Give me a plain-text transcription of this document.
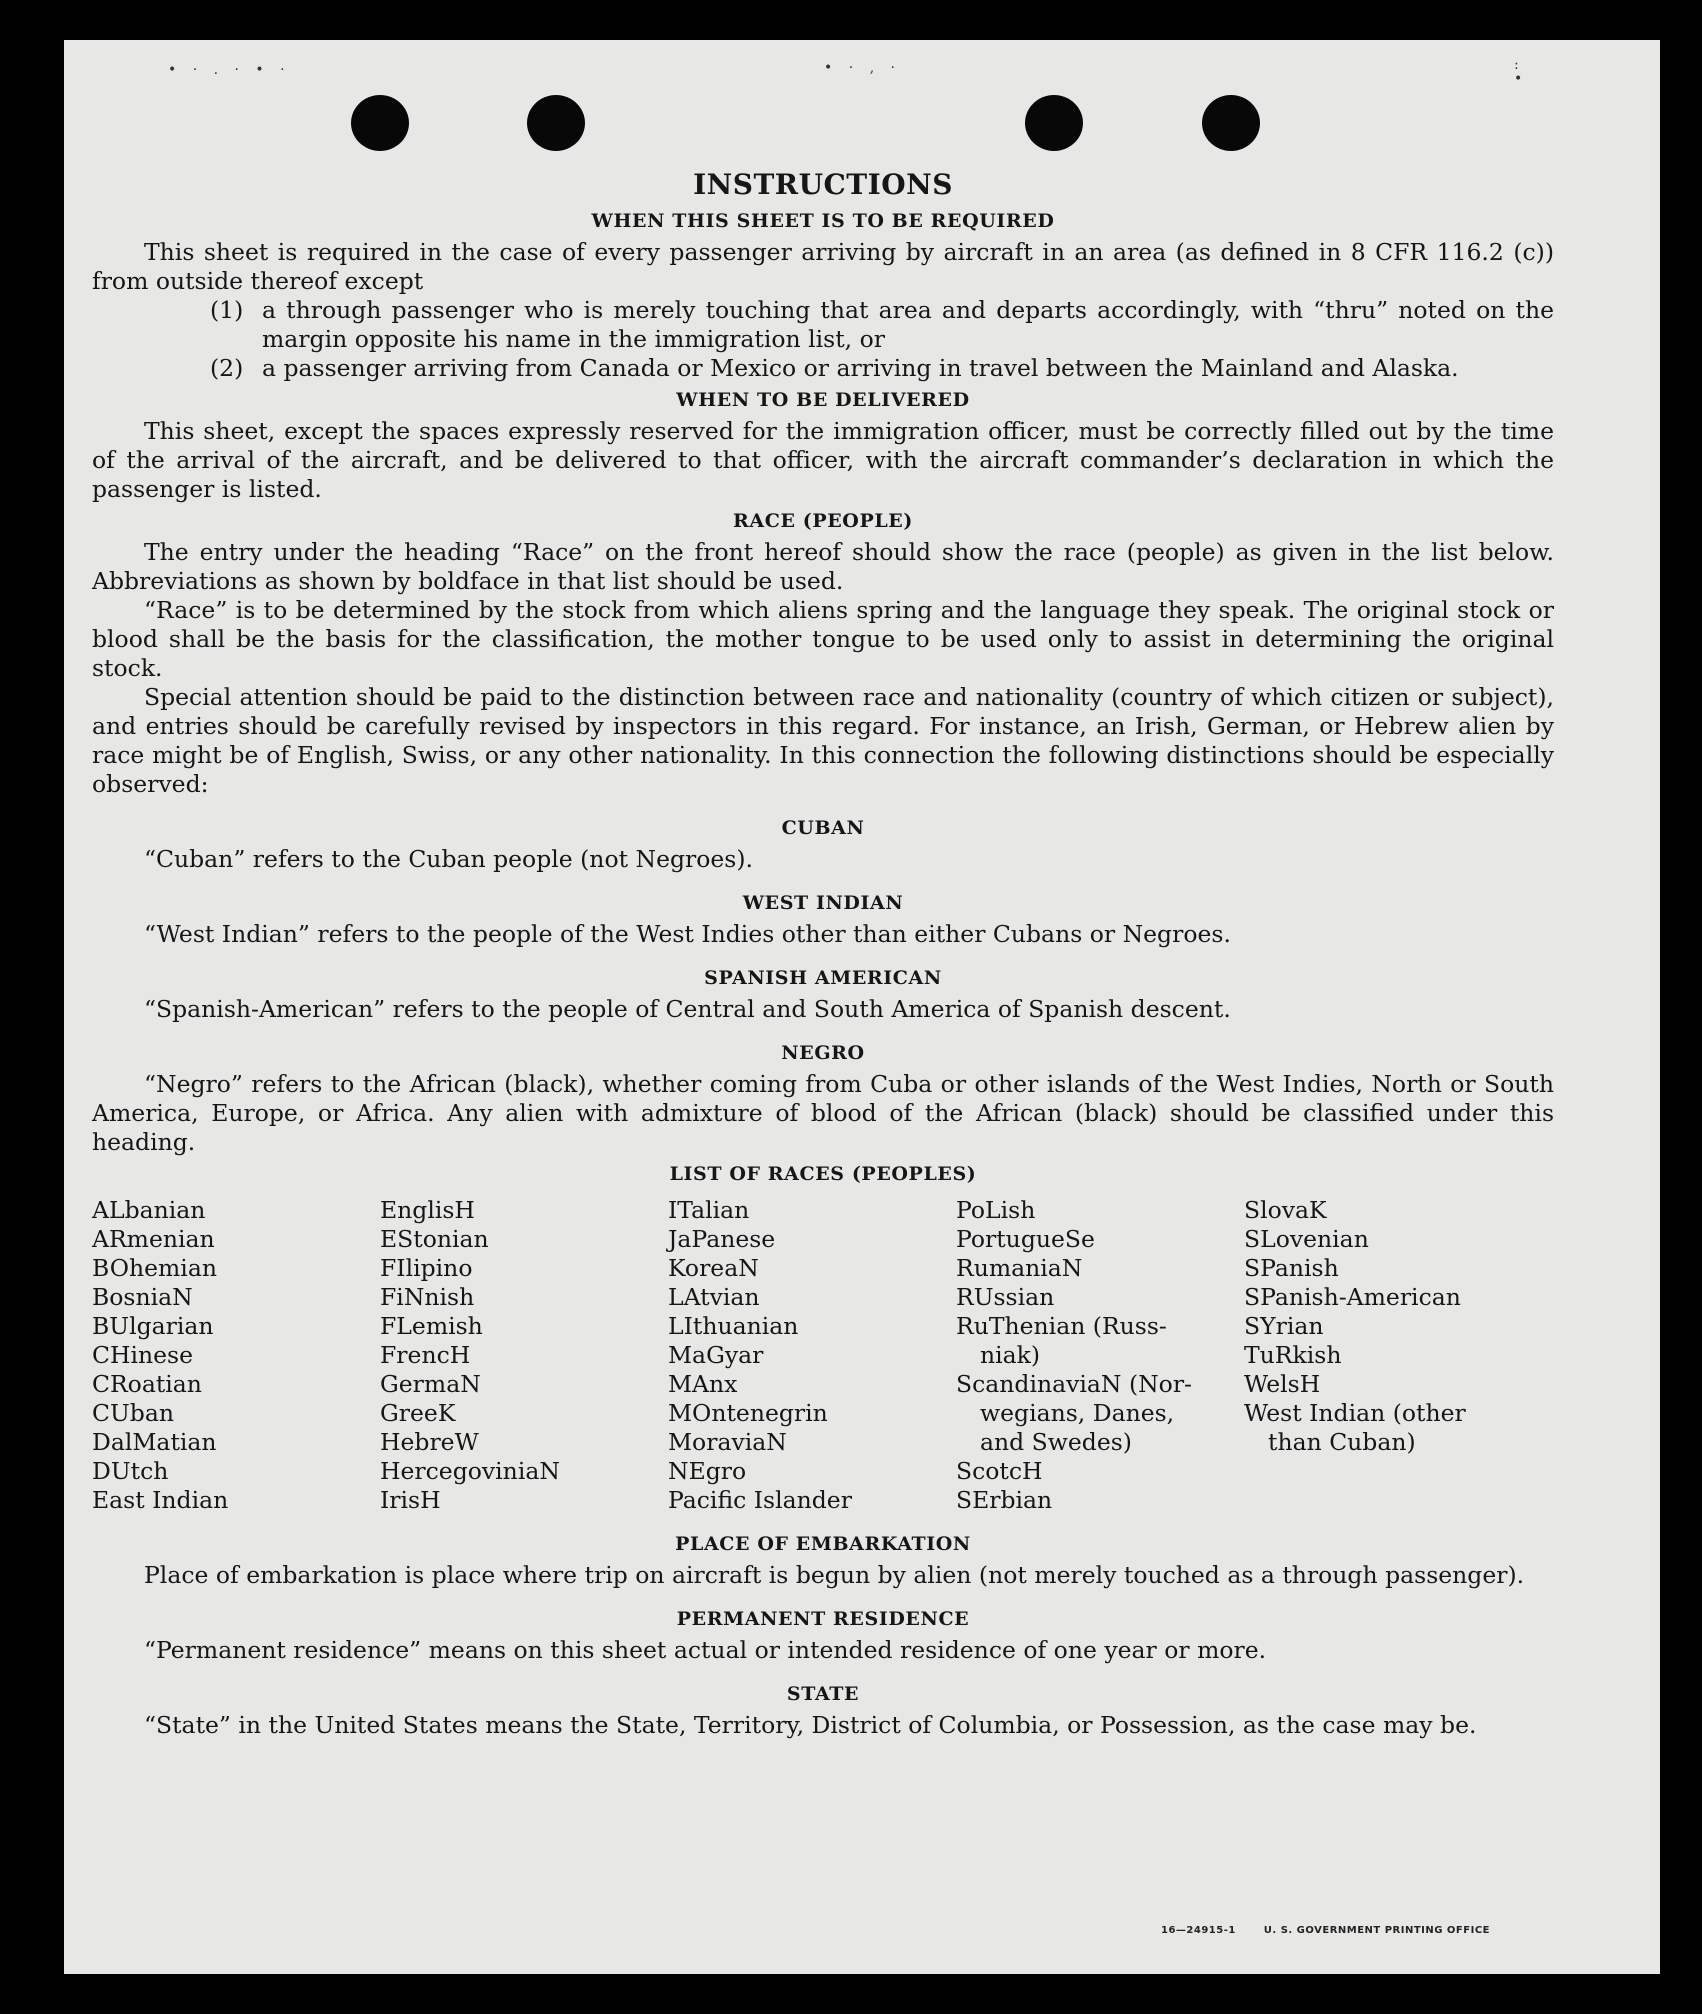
• · . · • ·	• · ‚ ·	:
•
INSTRUCTIONS
WHEN THIS SHEET IS TO BE REQUIRED

This sheet is required in the case of every passenger arriving by aircraft in an area (as defined in 8 CFR 116.2 (c)) from outside thereof except

(1) a through passenger who is merely touching that area and departs accordingly, with “thru” noted on the margin opposite his name in the immigration list, or
(2) a passenger arriving from Canada or Mexico or arriving in travel between the Mainland and Alaska.
WHEN TO BE DELIVERED

This sheet, except the spaces expressly reserved for the immigration officer, must be correctly filled out by the time of the arrival of the aircraft, and be delivered to that officer, with the aircraft commander’s declaration in which the passenger is listed.

RACE (PEOPLE)

The entry under the heading “Race” on the front hereof should show the race (people) as given in the list below. Abbreviations as shown by boldface in that list should be used.

“Race” is to be determined by the stock from which aliens spring and the language they speak. The original stock or blood shall be the basis for the classification, the mother tongue to be used only to assist in determining the original stock.

Special attention should be paid to the distinction between race and nationality (country of which citizen or subject), and entries should be carefully revised by inspectors in this regard. For instance, an Irish, German, or Hebrew alien by race might be of English, Swiss, or any other nationality. In this connection the following distinctions should be especially observed:

CUBAN

“Cuban” refers to the Cuban people (not Negroes).

WEST INDIAN

“West Indian” refers to the people of the West Indies other than either Cubans or Negroes.

SPANISH AMERICAN

“Spanish-American” refers to the people of Central and South America of Spanish descent.

NEGRO

“Negro” refers to the African (black), whether coming from Cuba or other islands of the West Indies, North or South America, Europe, or Africa. Any alien with admixture of blood of the African (black) should be classified under this heading.

LIST OF RACES (PEOPLES)
ALbanian
ARmenian
BOhemian
BosniaN
BUlgarian
CHinese
CRoatian
CUban
DalMatian
DUtch
East Indian
EnglisH
EStonian
FIlipino
FiNnish
FLemish
FrencH
GermaN
GreeK
HebreW
HercegoviniaN
IrisH
ITalian
JaPanese
KoreaN
LAtvian
LIthuanian
MaGyar
MAnx
MOntenegrin
MoraviaN
NEgro
Pacific Islander
PoLish
PortugueSe
RumaniaN
RUssian
RuThenian (Russ-
niak)
ScandinaviaN (Nor-
wegians, Danes,
and Swedes)
ScotcH
SErbian
SlovaK
SLovenian
SPanish
SPanish-American
SYrian
TuRkish
WelsH
West Indian (other
than Cuban)
PLACE OF EMBARKATION

Place of embarkation is place where trip on aircraft is begun by alien (not merely touched as a through passenger).

PERMANENT RESIDENCE

“Permanent residence” means on this sheet actual or intended residence of one year or more.

STATE

“State” in the United States means the State, Territory, District of Columbia, or Possession, as the case may be.

16—24915-1	U. S. GOVERNMENT PRINTING OFFICE
